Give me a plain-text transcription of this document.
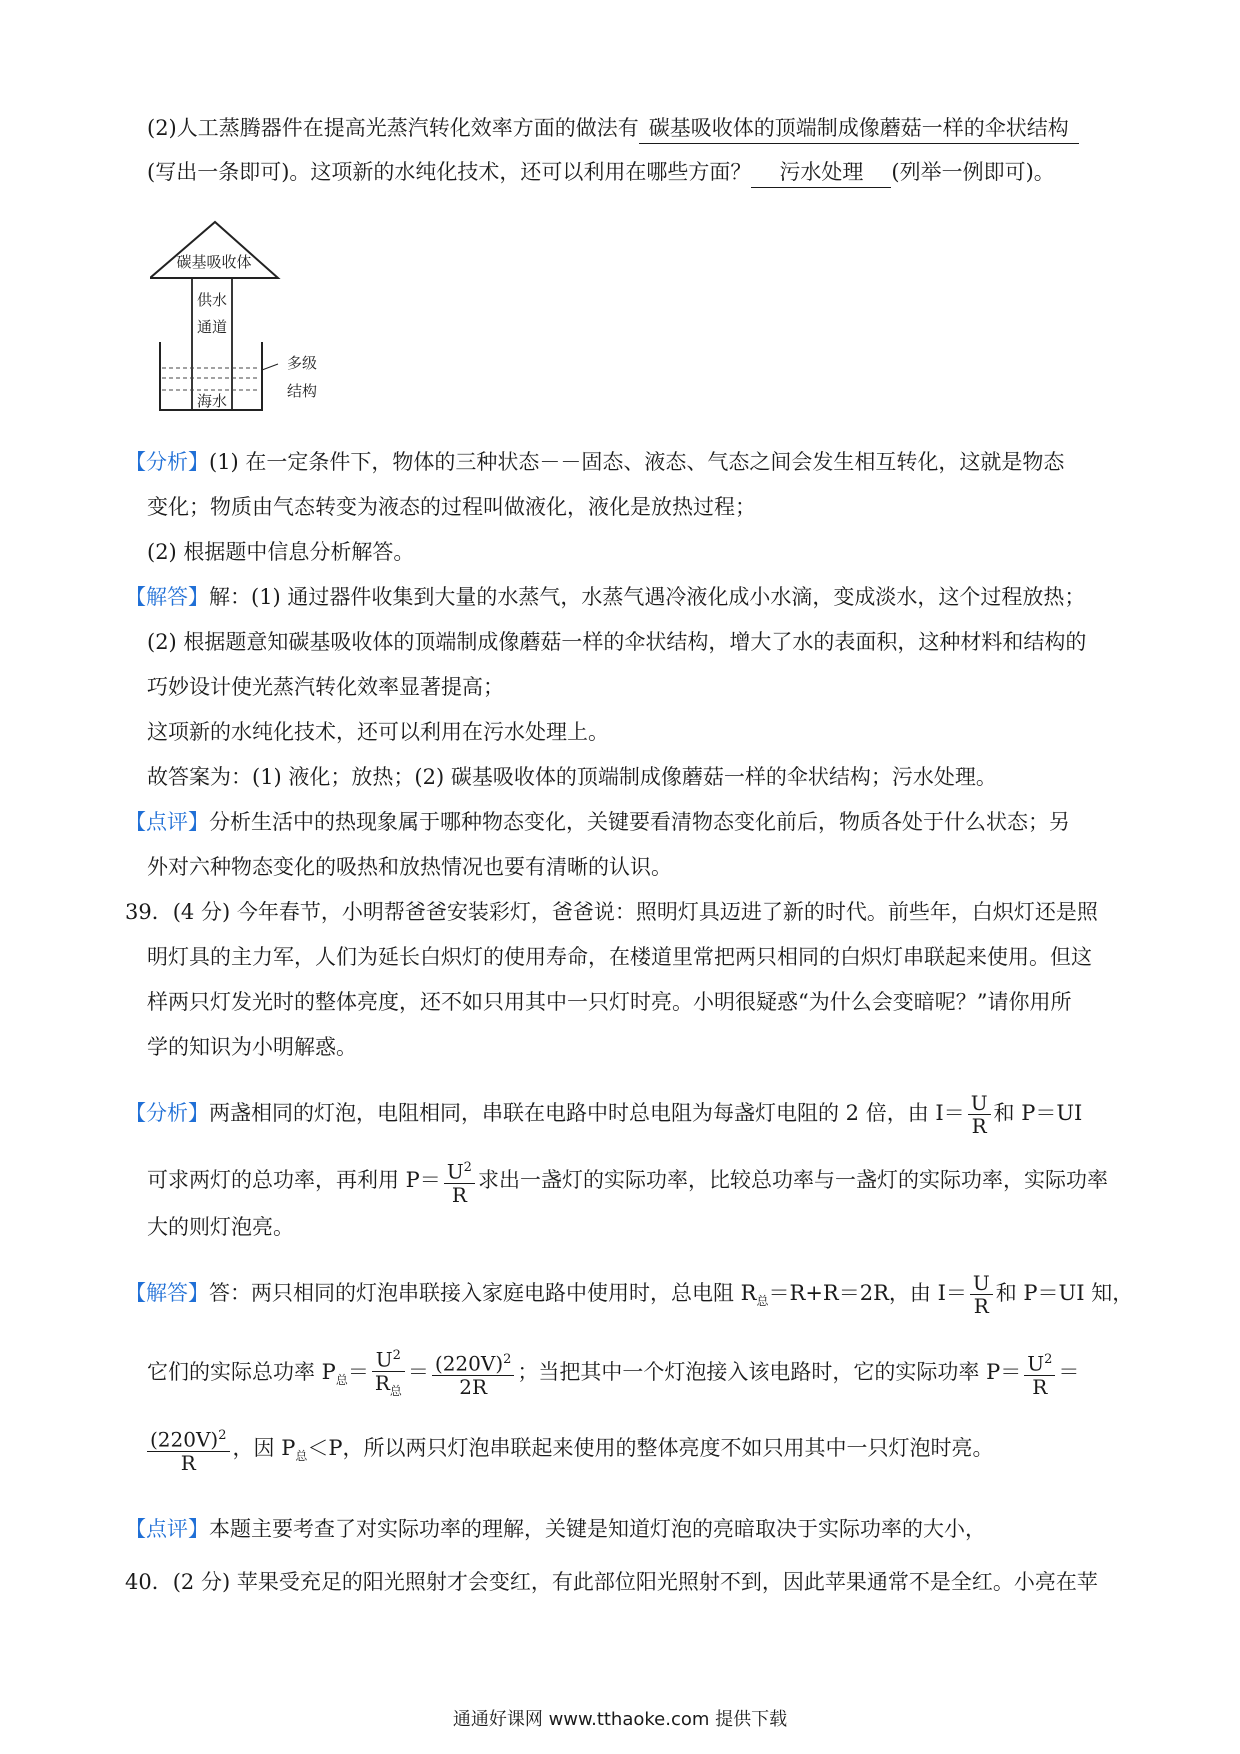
(2)人工蒸腾器件在提高光蒸汽转化效率方面的做法有 碳基吸收体的顶端制成像蘑菇一样的伞状结构
(写出一条即可)。这项新的水纯化技术，还可以利用在哪些方面？ 污水处理 (列举一例即可)。
碳基吸收体
供水
通道
海水
多级
结构
【分析】(1) 在一定条件下，物体的三种状态－－固态、液态、气态之间会发生相互转化，这就是物态
变化；物质由气态转变为液态的过程叫做液化，液化是放热过程；
(2) 根据题中信息分析解答。
【解答】解：(1) 通过器件收集到大量的水蒸气，水蒸气遇冷液化成小水滴，变成淡水，这个过程放热；
(2) 根据题意知碳基吸收体的顶端制成像蘑菇一样的伞状结构，增大了水的表面积，这种材料和结构的
巧妙设计使光蒸汽转化效率显著提高；
这项新的水纯化技术，还可以利用在污水处理上。
故答案为：(1) 液化；放热；(2) 碳基吸收体的顶端制成像蘑菇一样的伞状结构；污水处理。
【点评】分析生活中的热现象属于哪种物态变化，关键要看清物态变化前后，物质各处于什么状态；另
外对六种物态变化的吸热和放热情况也要有清晰的认识。
39．(4 分) 今年春节，小明帮爸爸安装彩灯，爸爸说：照明灯具迈进了新的时代。前些年，白炽灯还是照
明灯具的主力军，人们为延长白炽灯的使用寿命，在楼道里常把两只相同的白炽灯串联起来使用。但这
样两只灯发光时的整体亮度，还不如只用其中一只灯时亮。小明很疑惑“为什么会变暗呢？”请你用所
学的知识为小明解惑。
【分析】两盏相同的灯泡，电阻相同，串联在电路中时总电阻为每盏灯电阻的 2 倍，由 $I= \frac{U}{R}$ 和 P＝UI
可求两灯的总功率，再利用 $P= \frac{U^2}{R}$ 求出一盏灯的实际功率，比较总功率与一盏灯的实际功率，实际功率
大的则灯泡亮。
【解答】答：两只相同的灯泡串联接入家庭电路中使用时，总电阻 $R_总=R+R=2R$，由 $I= \frac{U}{R}$ 和 P＝UI 知，
它们的实际总功率 $P_总= \frac{U^2}{R_总} = \frac{(220V)^2}{2R}$ ；当把其中一个灯泡接入该电路时，它的实际功率 $P= \frac{U^2}{R}$ ＝
$\frac{(220V)^2}{R}$ ，因 $P_总<P$，所以两只灯泡串联起来使用的整体亮度不如只用其中一只灯泡时亮。
【点评】本题主要考查了对实际功率的理解，关键是知道灯泡的亮暗取决于实际功率的大小，
40．(2 分) 苹果受充足的阳光照射才会变红，有此部位阳光照射不到，因此苹果通常不是全红。小亮在苹
通通好课网 www.tthaoke.com 提供下载
